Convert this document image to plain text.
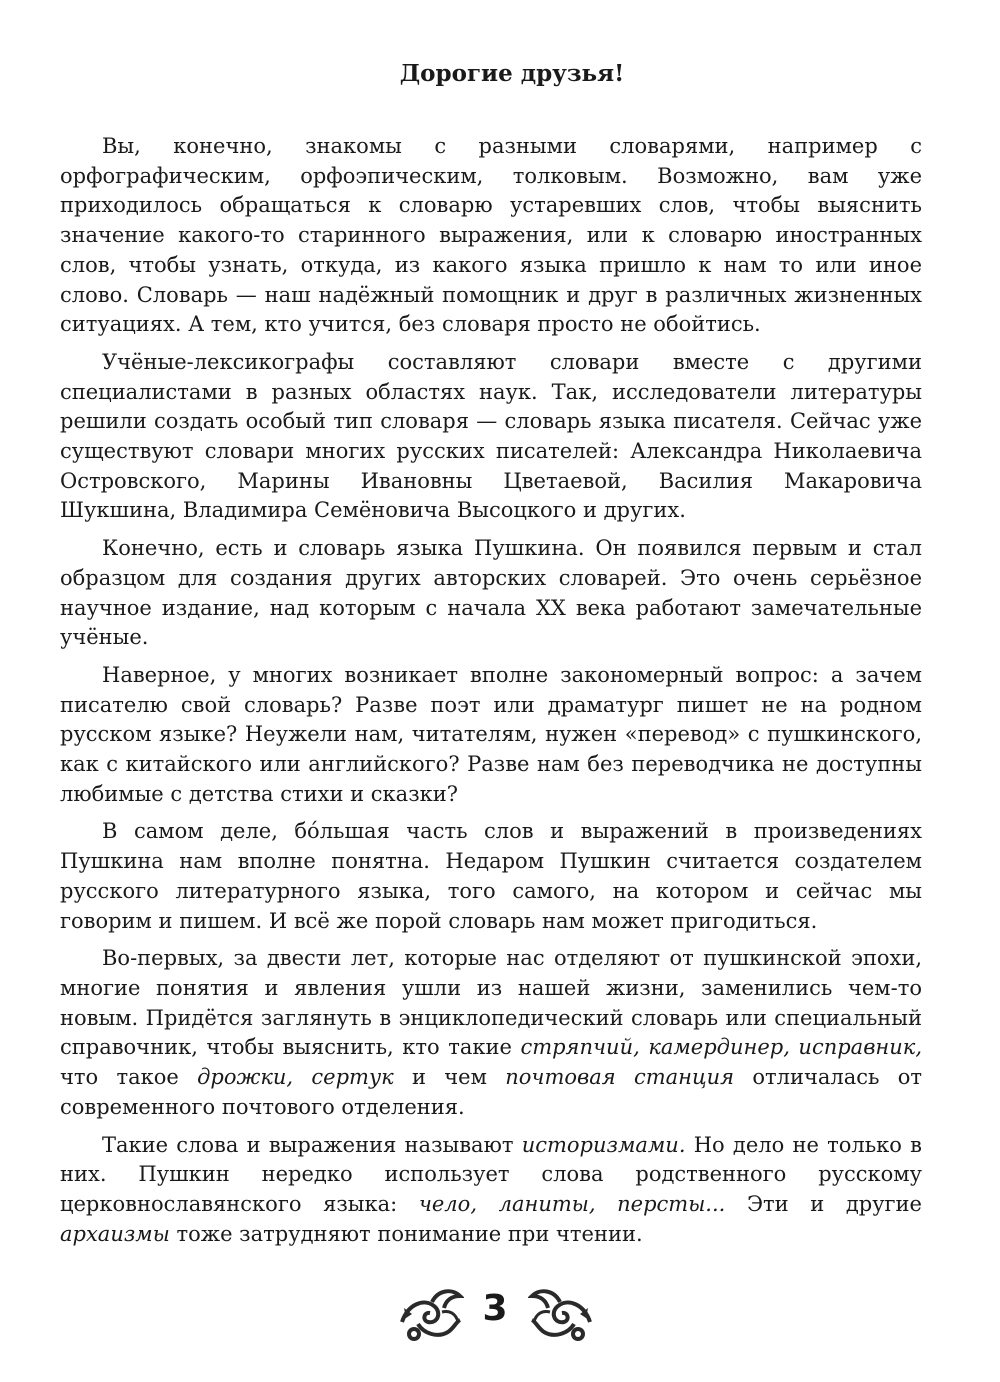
Дорогие друзья!

Вы, конечно, знакомы с разными словарями, например с орфографическим, орфоэпическим, толковым. Возможно, вам уже приходилось обращаться к словарю устаревших слов, чтобы выяснить значение какого-то старинного выражения, или к словарю иностранных слов, чтобы узнать, откуда, из какого языка пришло к нам то или иное слово. Словарь — наш надёжный помощник и друг в различных жизненных ситуациях. А тем, кто учится, без словаря просто не обойтись.

Учёные-лексикографы составляют словари вместе с другими специалистами в разных областях наук. Так, исследователи литературы решили создать особый тип словаря — словарь языка писателя. Сейчас уже существуют словари многих русских писателей: Александра Николаевича Островского, Марины Ивановны Цветаевой, Василия Макаровича Шукшина, Владимира Семёновича Высоцкого и других.

Конечно, есть и словарь языка Пушкина. Он появился первым и стал образцом для создания других авторских словарей. Это очень серьёзное научное издание, над которым с начала XX века работают замечательные учёные.

Наверное, у многих возникает вполне закономерный вопрос: а зачем писателю свой словарь? Разве поэт или драматург пишет не на родном русском языке? Неужели нам, читателям, нужен «перевод» с пушкинского, как с китайского или английского? Разве нам без переводчика не доступны любимые с детства стихи и сказки?

В самом деле, бóльшая часть слов и выражений в произведениях Пушкина нам вполне понятна. Недаром Пушкин считается создателем русского литературного языка, того самого, на котором и сейчас мы говорим и пишем. И всё же порой словарь нам может пригодиться.

Во-первых, за двести лет, которые нас отделяют от пушкинской эпохи, многие понятия и явления ушли из нашей жизни, заменились чем-то новым. Придётся заглянуть в энциклопедический словарь или специальный справочник, чтобы выяснить, кто такие стряпчий, камердинер, исправник, что такое дрожки, сертук и чем почтовая станция отличалась от современного почтового отделения.

Такие слова и выражения называют историзмами. Но дело не только в них. Пушкин нередко использует слова родственного русскому церковнославянского языка: чело, ланиты, персты... Эти и другие архаизмы тоже затрудняют понимание при чтении.

3
